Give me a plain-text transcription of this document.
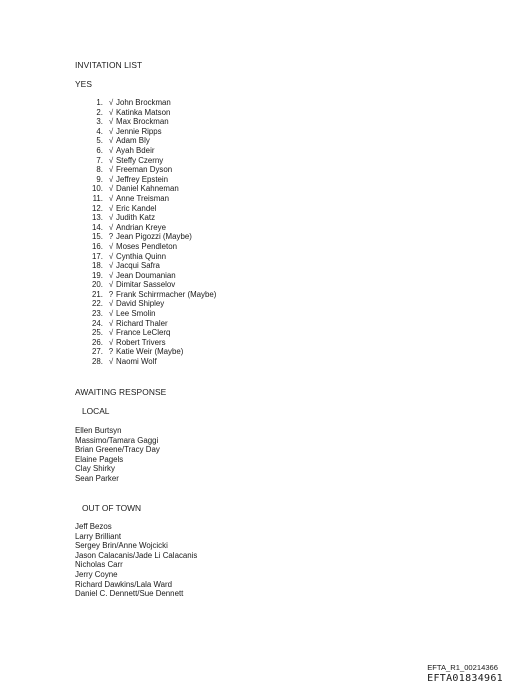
INVITATION LIST
YES
1. √ John Brockman
2. √ Katinka Matson
3. √ Max Brockman
4. √ Jennie Ripps
5. √ Adam Bly
6. √ Ayah Bdeir
7. √ Steffy Czerny
8. √ Freeman Dyson
9. √ Jeffrey Epstein
10. √ Daniel Kahneman
11. √ Anne Treisman
12. √ Eric Kandel
13. √ Judith Katz
14. √ Andrian Kreye
15. ? Jean Pigozzi (Maybe)
16. √ Moses Pendleton
17. √ Cynthia Quinn
18. √ Jacqui Safra
19. √ Jean Doumanian
20. √ Dimitar Sasselov
21. ? Frank Schirrmacher (Maybe)
22. √ David Shipley
23. √ Lee Smolin
24. √ Richard Thaler
25. √ France LeClerq
26. √ Robert Trivers
27. ? Katie Weir (Maybe)
28. √ Naomi Wolf
AWAITING RESPONSE
LOCAL
Ellen Burtsyn
Massimo/Tamara Gaggi
Brian Greene/Tracy Day
Elaine Pagels
Clay Shirky
Sean Parker
OUT OF TOWN
Jeff Bezos
Larry Brilliant
Sergey Brin/Anne Wojcicki
Jason Calacanis/Jade Li Calacanis
Nicholas Carr
Jerry Coyne
Richard Dawkins/Lala Ward
Daniel C. Dennett/Sue Dennett
EFTA_R1_00214366
EFTA01834961
